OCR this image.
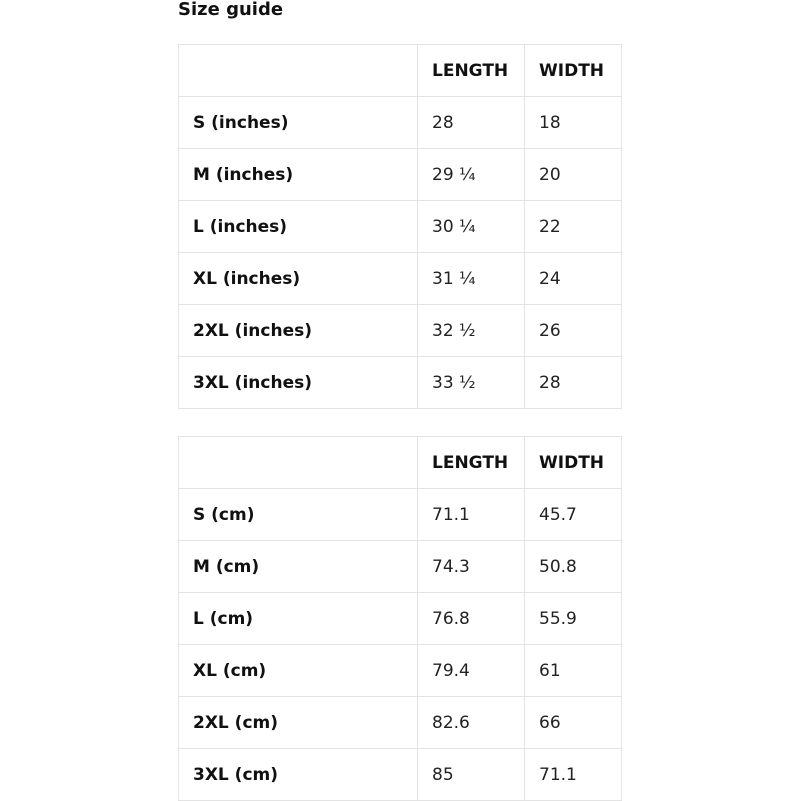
Size guide
	LENGTH	WIDTH
S (inches)	28	18
M (inches)	29 ¼	20
L (inches)	30 ¼	22
XL (inches)	31 ¼	24
2XL (inches)	32 ½	26
3XL (inches)	33 ½	28
	LENGTH	WIDTH
S (cm)	71.1	45.7
M (cm)	74.3	50.8
L (cm)	76.8	55.9
XL (cm)	79.4	61
2XL (cm)	82.6	66
3XL (cm)	85	71.1
